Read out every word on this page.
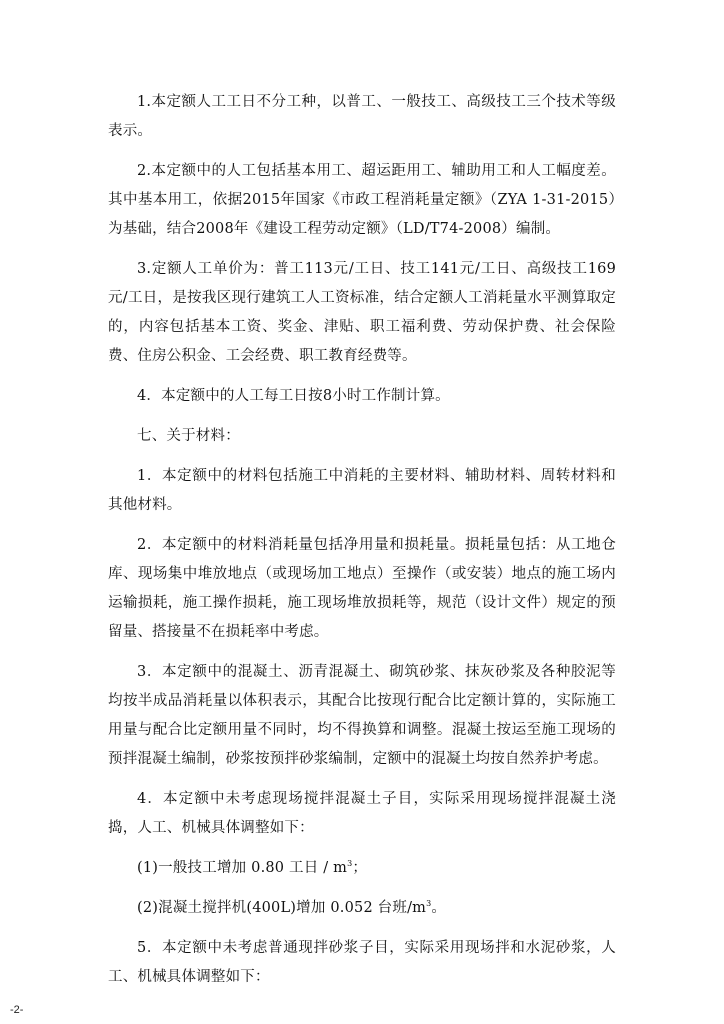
1.本定额人工工日不分工种，以普工、一般技工、高级技工三个技术等级表示。

2.本定额中的人工包括基本用工、超运距用工、辅助用工和人工幅度差。其中基本用工，依据2015年国家《市政工程消耗量定额》（ZYA 1-31-2015）为基础，结合2008年《建设工程劳动定额》（LD/T74-2008）编制。

3.定额人工单价为：普工113元/工日、技工141元/工日、高级技工169元/工日，是按我区现行建筑工人工资标准，结合定额人工消耗量水平测算取定的，内容包括基本工资、奖金、津贴、职工福利费、劳动保护费、社会保险费、住房公积金、工会经费、职工教育经费等。

4．本定额中的人工每工日按8小时工作制计算。

七、关于材料：

1．本定额中的材料包括施工中消耗的主要材料、辅助材料、周转材料和其他材料。

2．本定额中的材料消耗量包括净用量和损耗量。损耗量包括：从工地仓库、现场集中堆放地点（或现场加工地点）至操作（或安装）地点的施工场内运输损耗，施工操作损耗，施工现场堆放损耗等，规范（设计文件）规定的预留量、搭接量不在损耗率中考虑。

3．本定额中的混凝土、沥青混凝土、砌筑砂浆、抹灰砂浆及各种胶泥等均按半成品消耗量以体积表示，其配合比按现行配合比定额计算的，实际施工用量与配合比定额用量不同时，均不得换算和调整。混凝土按运至施工现场的预拌混凝土编制，砂浆按预拌砂浆编制，定额中的混凝土均按自然养护考虑。

4．本定额中未考虑现场搅拌混凝土子目，实际采用现场搅拌混凝土浇捣，人工、机械具体调整如下：

(1)一般技工增加 0.80 工日 / $m^3$；

(2)混凝土搅拌机(400L)增加 0.052 台班$/m^3$。

5．本定额中未考虑普通现拌砂浆子目，实际采用现场拌和水泥砂浆，人工、机械具体调整如下：

-2-
